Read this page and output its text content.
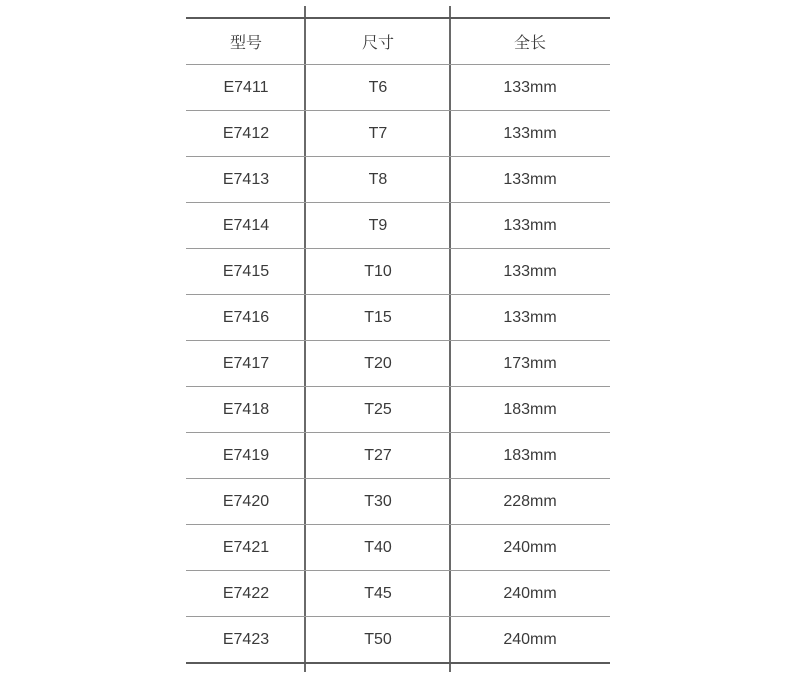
型号	尺寸	全长
E7411	T6	133mm
E7412	T7	133mm
E7413	T8	133mm
E7414	T9	133mm
E7415	T10	133mm
E7416	T15	133mm
E7417	T20	173mm
E7418	T25	183mm
E7419	T27	183mm
E7420	T30	228mm
E7421	T40	240mm
E7422	T45	240mm
E7423	T50	240mm
